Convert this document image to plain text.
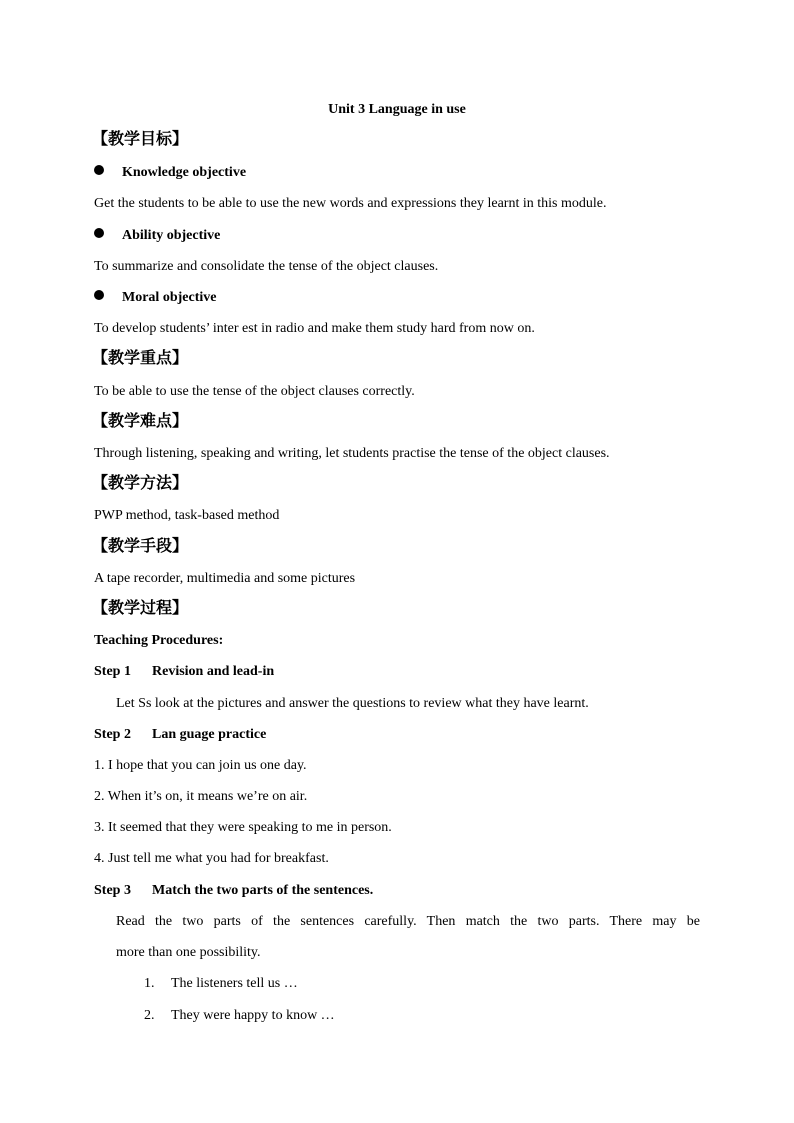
Unit 3 Language in use
【教学目标】
Knowledge objective
Get the students to be able to use the new words and expressions they learnt in this module.
Ability objective
To summarize and consolidate the tense of the object clauses.
Moral objective
To develop students’ inter est in radio and make them study hard from now on.
【教学重点】
To be able to use the tense of the object clauses correctly.
【教学难点】
Through listening, speaking and writing, let students practise the tense of the object clauses.
【教学方法】
PWP method, task-based method
【教学手段】
A tape recorder, multimedia and some pictures
【教学过程】
Teaching Procedures:
Step 1 Revision and lead-in
Let Ss look at the pictures and answer the questions to review what they have learnt.
Step 2 Lan guage practice
1. I hope that you can join us one day.
2. When it’s on, it means we’re on air.
3. It seemed that they were speaking to me in person.
4. Just tell me what you had for breakfast.
Step 3 Match the two parts of the sentences.
Read the two parts of the sentences carefully. Then match the two parts. There may be
more than one possibility.
1. The listeners tell us …
2. They were happy to know …
